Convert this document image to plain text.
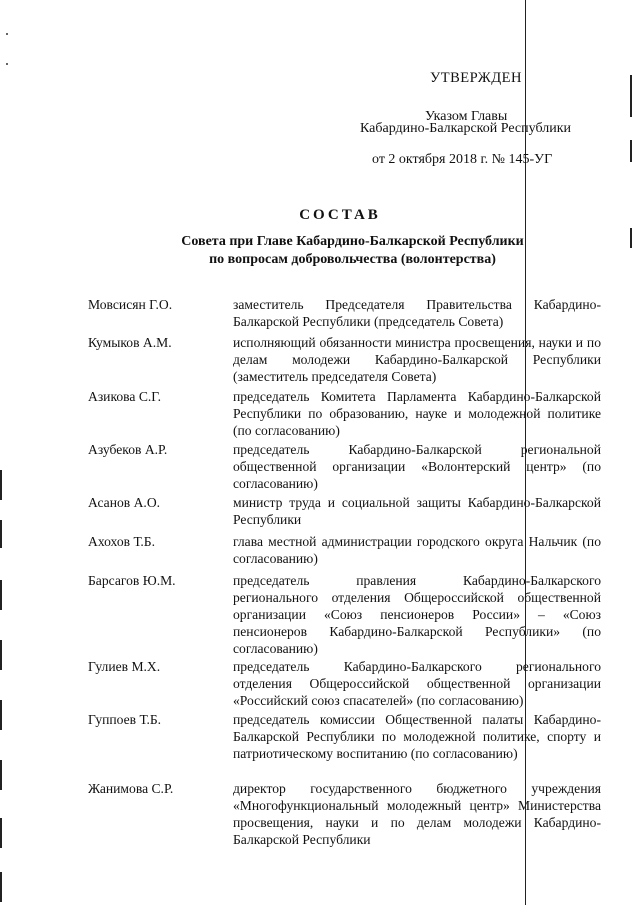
УТВЕРЖДЕН
Указом Главы
Кабардино-Балкарской Республики
от 2 октября 2018 г. № 145-УГ
СОСТАВ
Совета при Главе Кабардино-Балкарской Республики
по вопросам добровольчества (волонтерства)
Мовсисян Г.О.	заместитель Председателя Правительства Кабардино-Балкарской Республики (председатель Совета)
Кумыков А.М.	исполняющий обязанности министра просвещения, науки и по делам молодежи Кабардино-Балкарской Республики (заместитель председателя Совета)
Азикова С.Г.	председатель Комитета Парламента Кабардино-Балкарской Республики по образованию, науке и молодежной политике (по согласованию)
Азубеков А.Р.	председатель Кабардино-Балкарской региональной общественной организации «Волонтерский центр» (по согласованию)
Асанов А.О.	министр труда и социальной защиты Кабардино-Балкарской Республики
Ахохов Т.Б.	глава местной администрации городского округа Нальчик (по согласованию)
Барсагов Ю.М.	председатель правления Кабардино-Балкарского регионального отделения Общероссийской общественной организации «Союз пенсионеров России» – «Союз пенсионеров Кабардино-Балкарской Республики» (по согласованию)
Гулиев М.Х.	председатель Кабардино-Балкарского регионального отделения Общероссийской общественной организации «Российский союз спасателей» (по согласованию)
Гуппоев Т.Б.	председатель комиссии Общественной палаты Кабардино-Балкарской Республики по молодежной политике, спорту и патриотическому воспитанию (по согласованию)
Жанимова С.Р.	директор государственного бюджетного учреждения «Многофункциональный молодежный центр» Министерства просвещения, науки и по делам молодежи Кабардино-Балкарской Республики
